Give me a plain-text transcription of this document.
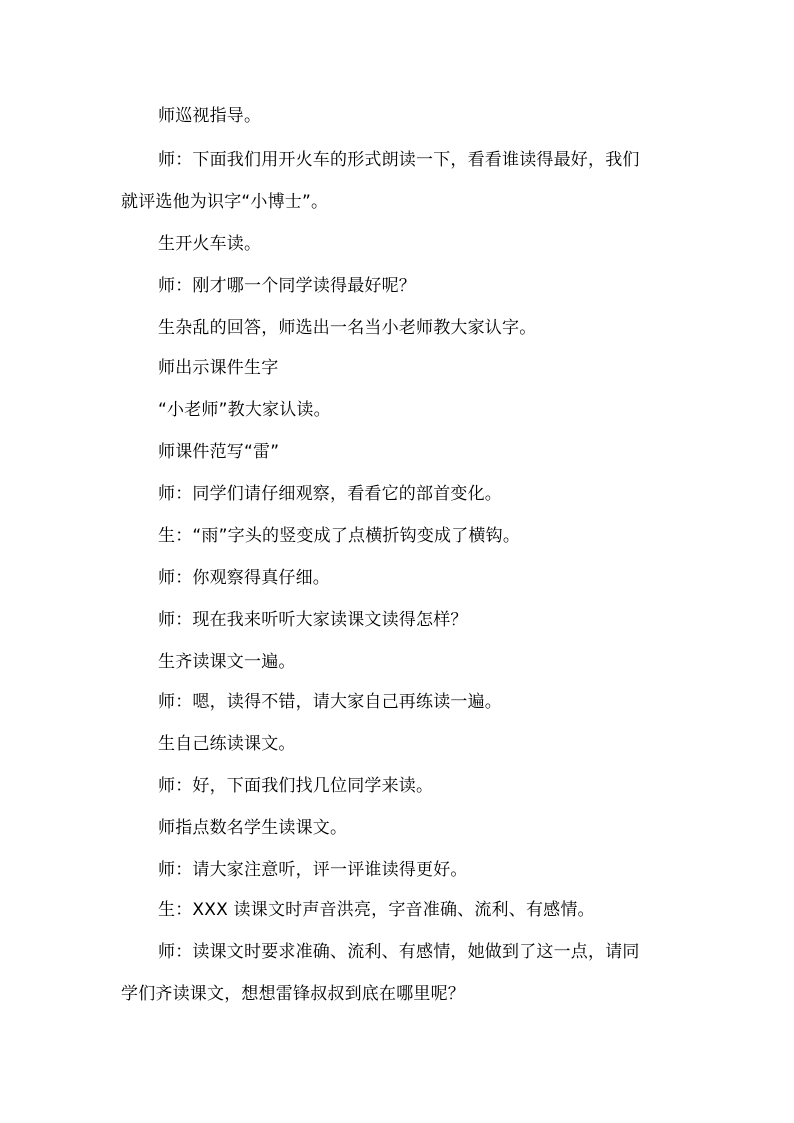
师巡视指导。
师：下面我们用开火车的形式朗读一下，看看谁读得最好，我们
就评选他为识字“小博士”。
生开火车读。
师：刚才哪一个同学读得最好呢？
生杂乱的回答，师选出一名当小老师教大家认字。
师出示课件生字
“小老师”教大家认读。
师课件范写“雷”
师：同学们请仔细观察，看看它的部首变化。
生：“雨”字头的竖变成了点横折钩变成了横钩。
师：你观察得真仔细。
师：现在我来听听大家读课文读得怎样？
生齐读课文一遍。
师：嗯，读得不错，请大家自己再练读一遍。
生自己练读课文。
师：好，下面我们找几位同学来读。
师指点数名学生读课文。
师：请大家注意听，评一评谁读得更好。
生：XXX 读课文时声音洪亮，字音准确、流利、有感情。
师：读课文时要求准确、流利、有感情，她做到了这一点，请同
学们齐读课文，想想雷锋叔叔到底在哪里呢？
